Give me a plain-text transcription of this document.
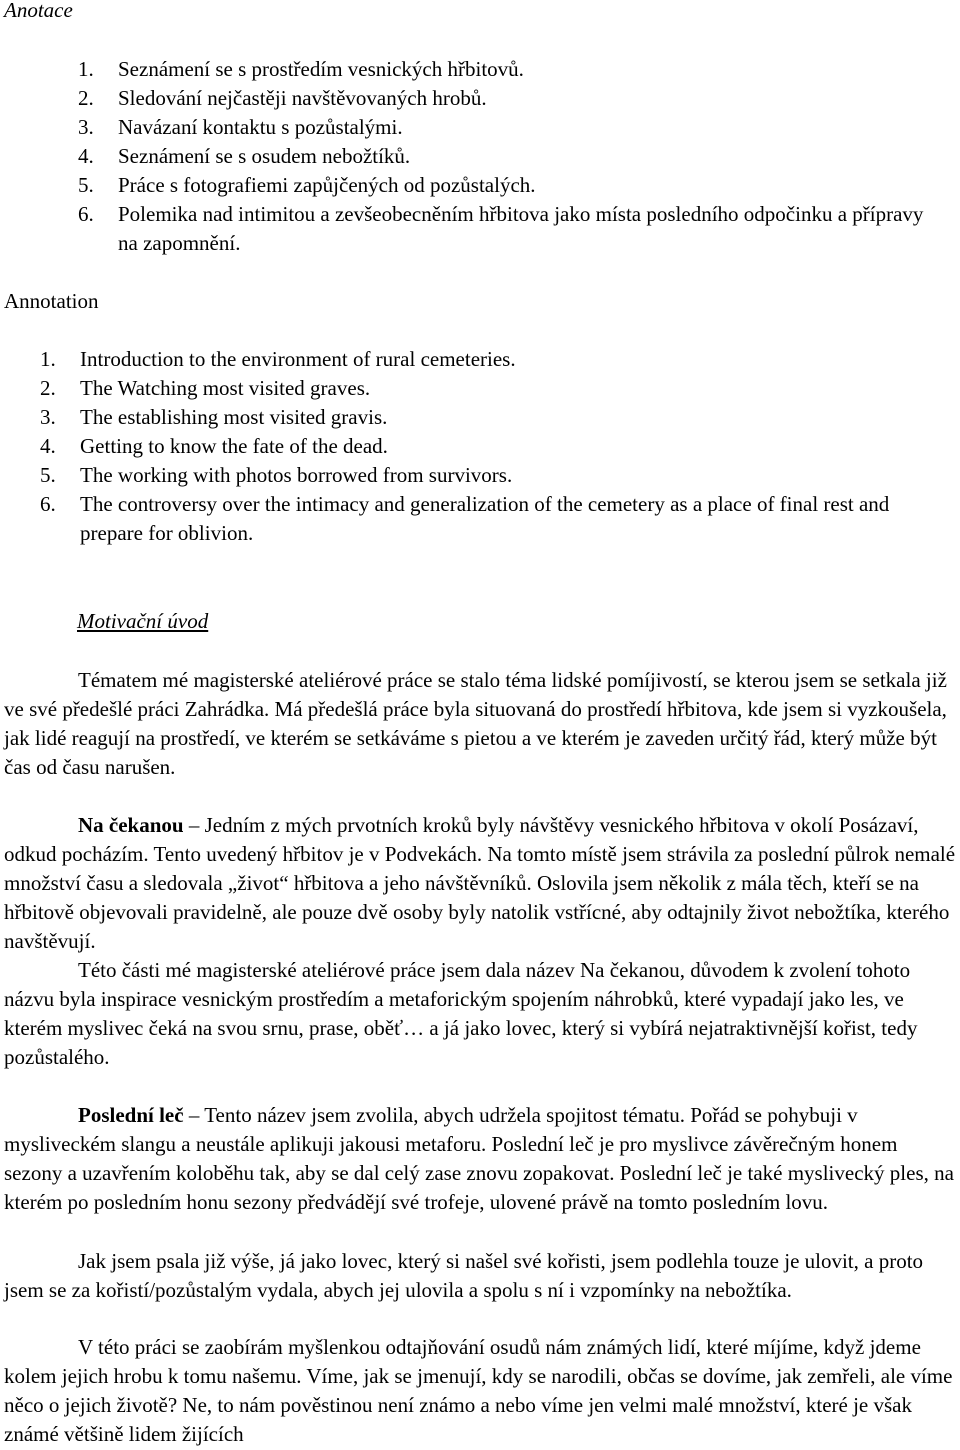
Anotace
1. Seznámení se s prostředím vesnických hřbitovů.
2. Sledování nejčastěji navštěvovaných hrobů.
3. Navázaní kontaktu s pozůstalými.
4. Seznámení se s osudem nebožtíků.
5. Práce s fotografiemi zapůjčených od pozůstalých.
6. Polemika nad intimitou a zevšeobecněním hřbitova jako místa posledního odpočinku a přípravy na zapomnění.
Annotation
1. Introduction to the environment of rural cemeteries.
2. The Watching most visited graves.
3. The establishing most visited gravis.
4. Getting to know the fate of the dead.
5. The working with photos borrowed from survivors.
6. The controversy over the intimacy and generalization of the cemetery as a place of final rest and prepare for oblivion.
Motivační úvod

Tématem mé magisterské ateliérové práce se stalo téma lidské pomíjivostí, se kterou jsem se setkala již ve své předešlé práci Zahrádka. Má předešlá práce byla situovaná do prostředí hřbitova, kde jsem si vyzkoušela, jak lidé reagují na prostředí, ve kterém se setkáváme s pietou a ve kterém je zaveden určitý řád, který může být čas od času narušen.

Na čekanou – Jedním z mých prvotních kroků byly návštěvy vesnického hřbitova v okolí Posázaví, odkud pocházím. Tento uvedený hřbitov je v Podvekách. Na tomto místě jsem strávila za poslední půlrok nemalé množství času a sledovala „život“ hřbitova a jeho návštěvníků. Oslovila jsem několik z mála těch, kteří se na hřbitově objevovali pravidelně, ale pouze dvě osoby byly natolik vstřícné, aby odtajnily život nebožtíka, kterého navštěvují.

Této části mé magisterské ateliérové práce jsem dala název Na čekanou, důvodem k zvolení tohoto názvu byla inspirace vesnickým prostředím a metaforickým spojením náhrobků, které vypadají jako les, ve kterém myslivec čeká na svou srnu, prase, oběť… a já jako lovec, který si vybírá nejatraktivnější kořist, tedy pozůstalého.

Poslední leč – Tento název jsem zvolila, abych udržela spojitost tématu. Pořád se pohybuji v mysliveckém slangu a neustále aplikuji jakousi metaforu. Poslední leč je pro myslivce závěrečným honem sezony a uzavřením koloběhu tak, aby se dal celý zase znovu zopakovat. Poslední leč je také myslivecký ples, na kterém po posledním honu sezony předvádějí své trofeje, ulovené právě na tomto posledním lovu.

Jak jsem psala již výše, já jako lovec, který si našel své kořisti, jsem podlehla touze je ulovit, a proto jsem se za kořistí/pozůstalým vydala, abych jej ulovila a spolu s ní i vzpomínky na nebožtíka.

V této práci se zaobírám myšlenkou odtajňování osudů nám známých lidí, které míjíme, když jdeme kolem jejich hrobu k tomu našemu. Víme, jak se jmenují, kdy se narodili, občas se dovíme, jak zemřeli, ale víme něco o jejich životě? Ne, to nám pověstinou není známo a nebo víme jen velmi malé množství, které je však známé většině lidem žijících
